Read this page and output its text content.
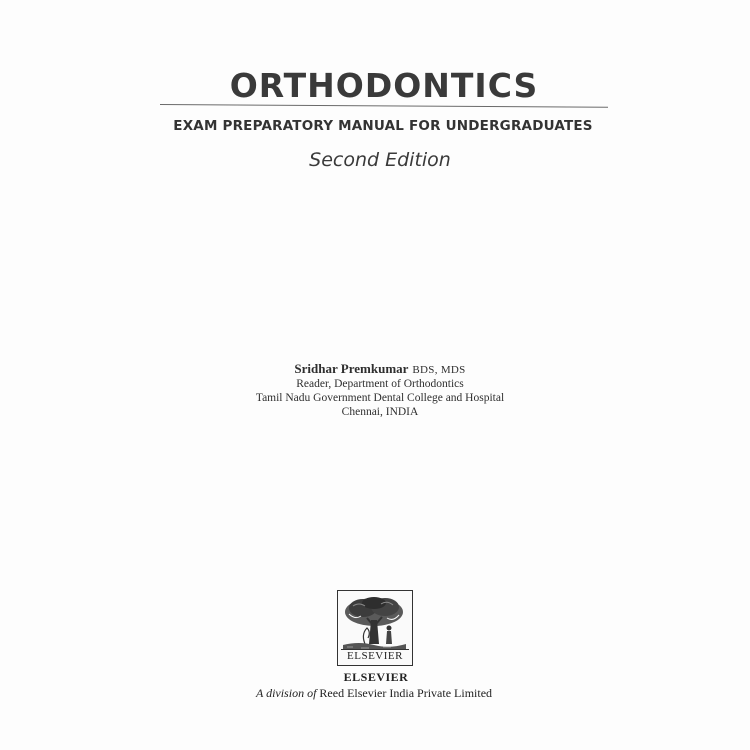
ORTHODONTICS
EXAM PREPARATORY MANUAL FOR UNDERGRADUATES
Second Edition
Sridhar Premkumar BDS, MDS
Reader, Department of Orthodontics
Tamil Nadu Government Dental College and Hospital
Chennai, INDIA
ELSEVIER
ELSEVIER
A division of Reed Elsevier India Private Limited
